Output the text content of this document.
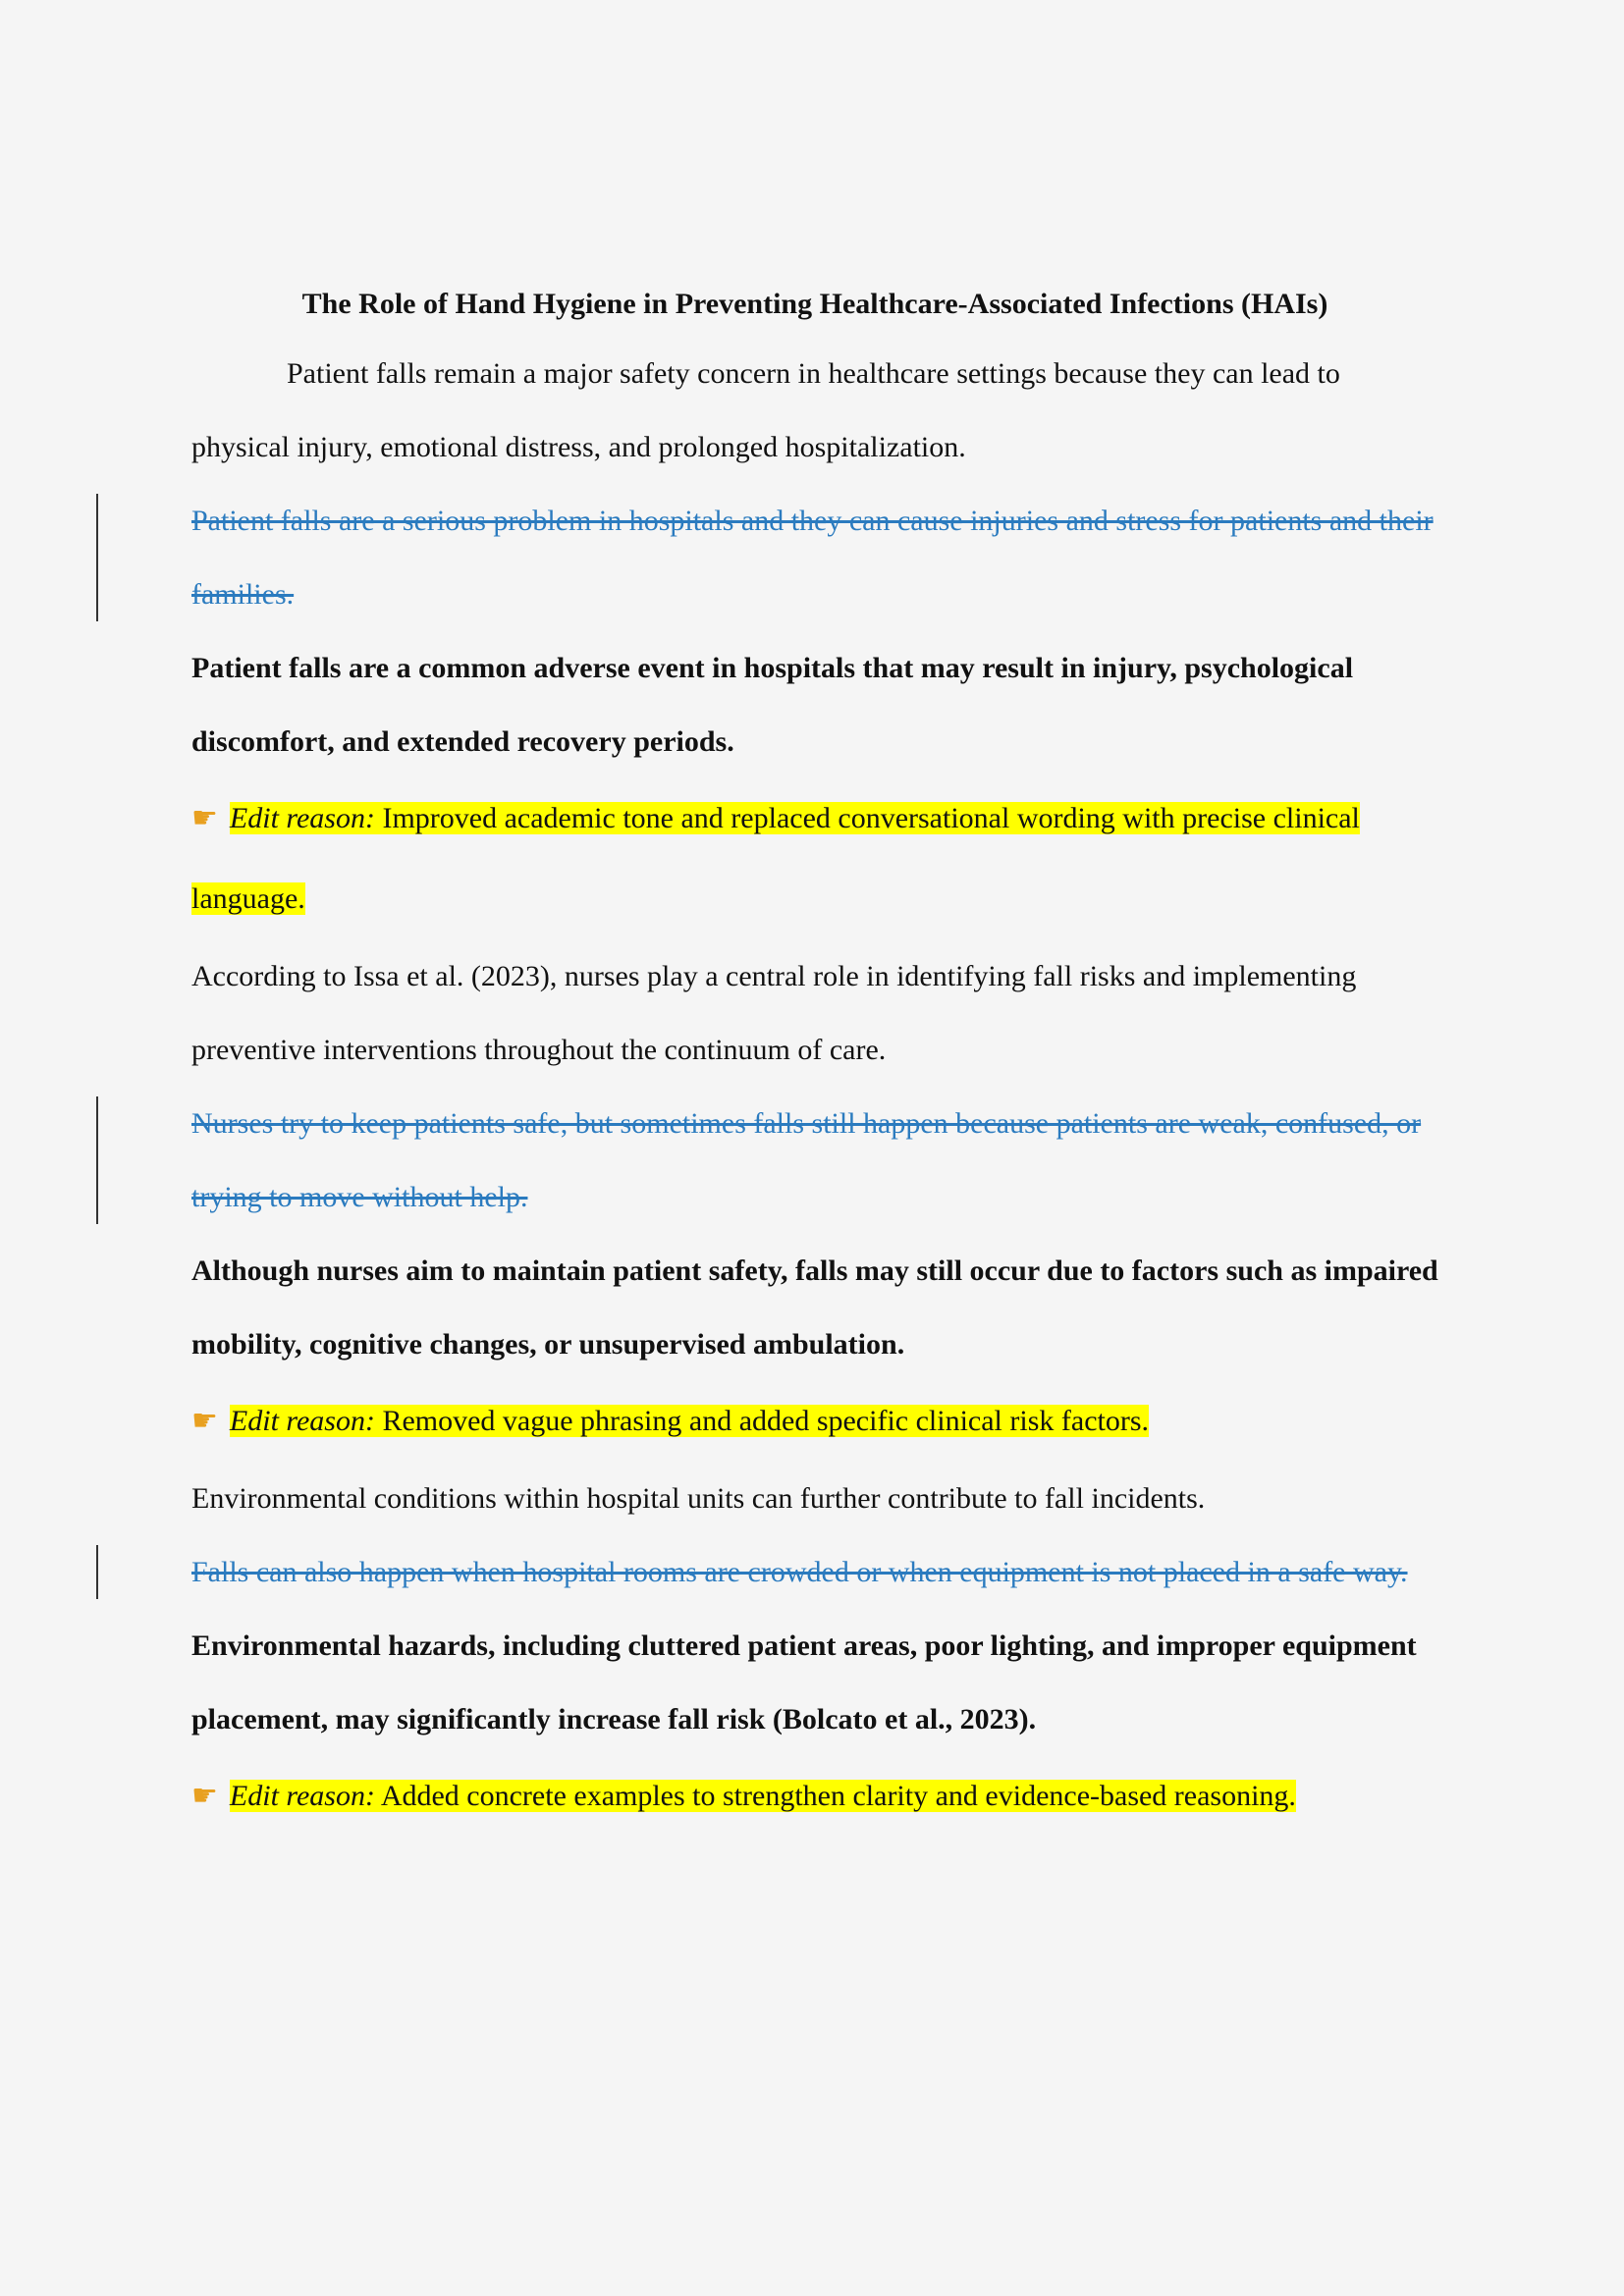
The Role of Hand Hygiene in Preventing Healthcare-Associated Infections (HAIs)

Patient falls remain a major safety concern in healthcare settings because they can lead to physical injury, emotional distress, and prolonged hospitalization.

Patient falls are a serious problem in hospitals and they can cause injuries and stress for patients and their families.

Patient falls are a common adverse event in hospitals that may result in injury, psychological discomfort, and extended recovery periods.

☛ Edit reason: Improved academic tone and replaced conversational wording with precise clinical language.

According to Issa et al. (2023), nurses play a central role in identifying fall risks and implementing preventive interventions throughout the continuum of care.

Nurses try to keep patients safe, but sometimes falls still happen because patients are weak, confused, or trying to move without help.

Although nurses aim to maintain patient safety, falls may still occur due to factors such as impaired mobility, cognitive changes, or unsupervised ambulation.

☛ Edit reason: Removed vague phrasing and added specific clinical risk factors.

Environmental conditions within hospital units can further contribute to fall incidents.

Falls can also happen when hospital rooms are crowded or when equipment is not placed in a safe way.

Environmental hazards, including cluttered patient areas, poor lighting, and improper equipment placement, may significantly increase fall risk (Bolcato et al., 2023).

☛ Edit reason: Added concrete examples to strengthen clarity and evidence-based reasoning.
